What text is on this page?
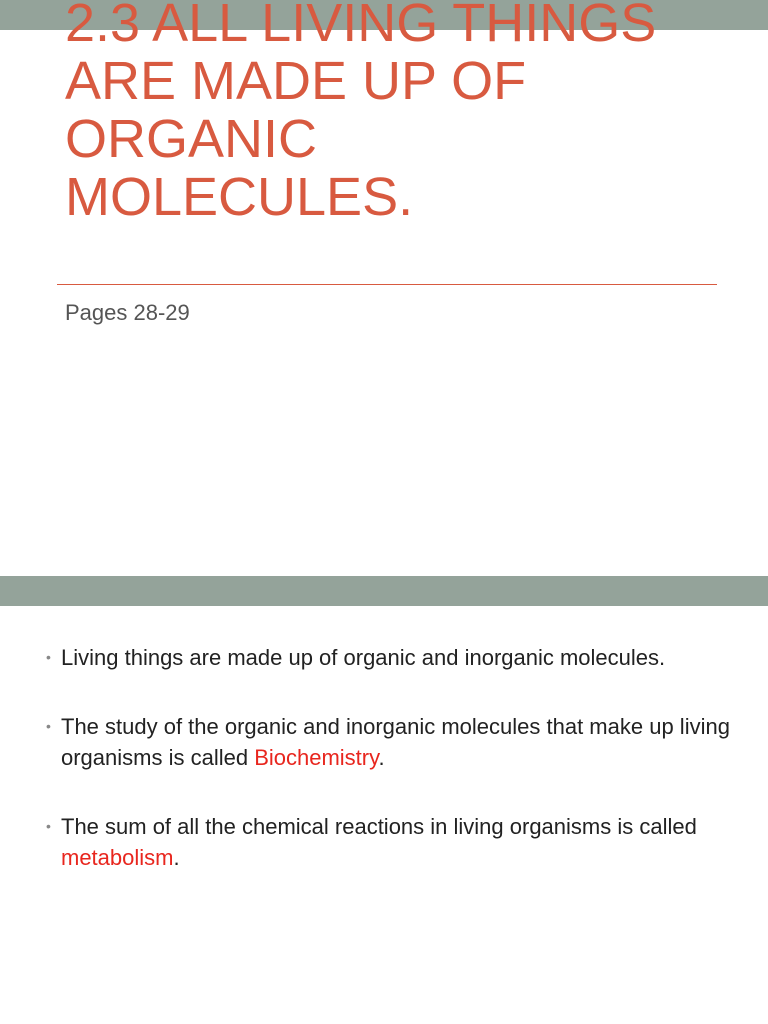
2.3 ALL LIVING THINGS
ARE MADE UP OF
ORGANIC
MOLECULES.

Pages 28-29

• Living things are made up of organic and inorganic molecules.
• The study of the organic and inorganic molecules that make up living organisms is called Biochemistry.
• The sum of all the chemical reactions in living organisms is called metabolism.
